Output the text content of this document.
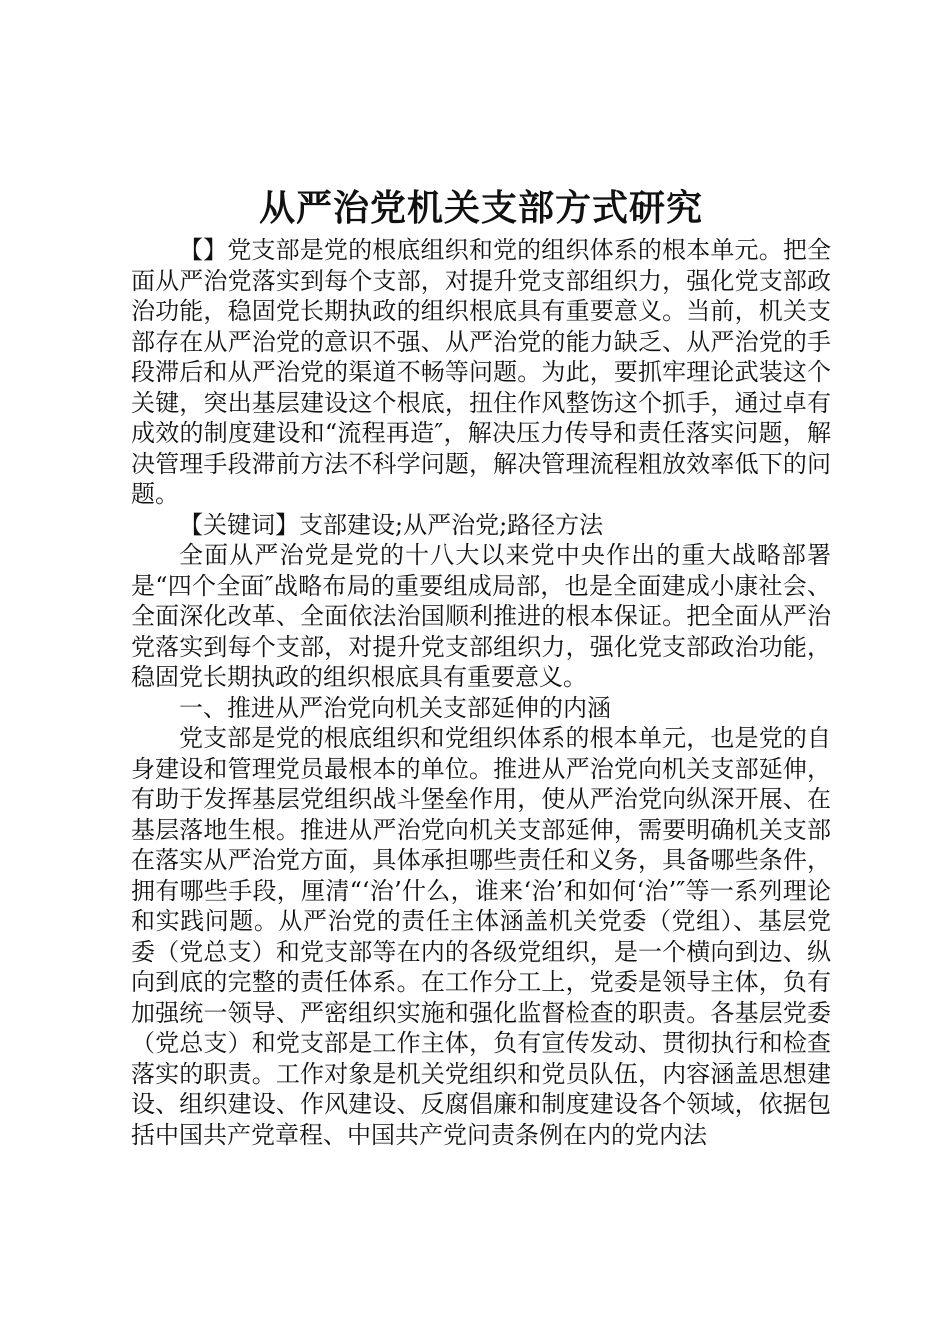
从严治党机关支部方式研究

【】党支部是党的根底组织和党的组织体系的根本单元。把全面从严治党落实到每个支部，对提升党支部组织力，强化党支部政治功能，稳固党长期执政的组织根底具有重要意义。当前，机关支部存在从严治党的意识不强、从严治党的能力缺乏、从严治党的手段滞后和从严治党的渠道不畅等问题。为此，要抓牢理论武装这个关键，突出基层建设这个根底，扭住作风整饬这个抓手，通过卓有成效的制度建设和“流程再造″，解决压力传导和责任落实问题，解决管理手段滞前方法不科学问题，解决管理流程粗放效率低下的问题。

【关键词】支部建设;从严治党;路径方法

全面从严治党是党的十八大以来党中央作出的重大战略部署是“四个全面″战略布局的重要组成局部，也是全面建成小康社会、全面深化改革、全面依法治国顺利推进的根本保证。把全面从严治党落实到每个支部，对提升党支部组织力，强化党支部政治功能，稳固党长期执政的组织根底具有重要意义。

一、推进从严治党向机关支部延伸的内涵

党支部是党的根底组织和党组织体系的根本单元，也是党的自身建设和管理党员最根本的单位。推进从严治党向机关支部延伸，有助于发挥基层党组织战斗堡垒作用，使从严治党向纵深开展、在基层落地生根。推进从严治党向机关支部延伸，需要明确机关支部在落实从严治党方面，具体承担哪些责任和义务，具备哪些条件，拥有哪些手段，厘清“‘治’什么，谁来‘治’和如何‘治’″等一系列理论和实践问题。从严治党的责任主体涵盖机关党委（党组）、基层党委（党总支）和党支部等在内的各级党组织，是一个横向到边、纵向到底的完整的责任体系。在工作分工上，党委是领导主体，负有加强统一领导、严密组织实施和强化监督检查的职责。各基层党委（党总支）和党支部是工作主体，负有宣传发动、贯彻执行和检查落实的职责。工作对象是机关党组织和党员队伍，内容涵盖思想建设、组织建设、作风建设、反腐倡廉和制度建设各个领域，依据包括中国共产党章程、中国共产党问责条例在内的党内法
